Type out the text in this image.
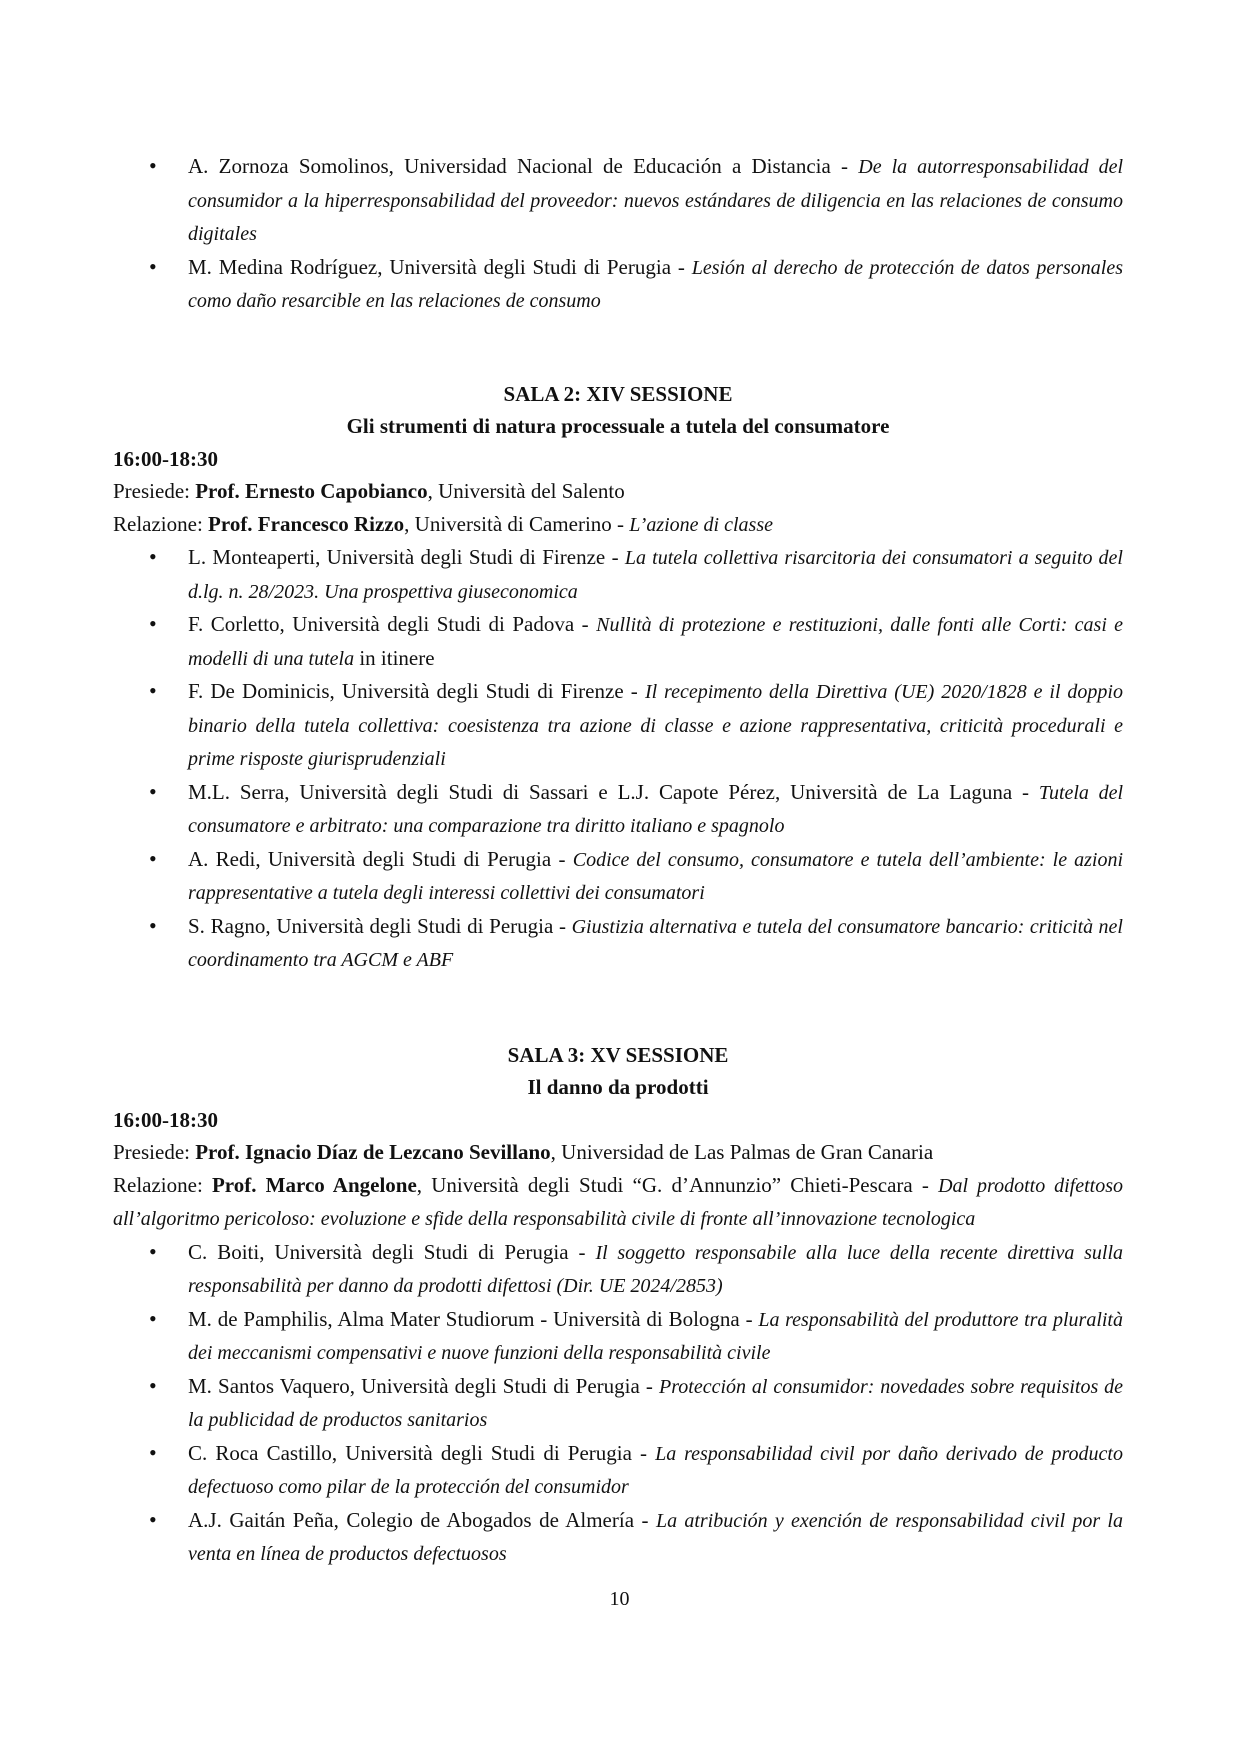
• A. Zornoza Somolinos, Universidad Nacional de Educación a Distancia - De la autorresponsabilidad del consumidor a la hiperresponsabilidad del proveedor: nuevos estándares de diligencia en las relaciones de consumo digitales
• M. Medina Rodríguez, Università degli Studi di Perugia - Lesión al derecho de protección de datos personales como daño resarcible en las relaciones de consumo
SALA 2: XIV SESSIONE
Gli strumenti di natura processuale a tutela del consumatore
16:00-18:30
Presiede: Prof. Ernesto Capobianco, Università del Salento
Relazione: Prof. Francesco Rizzo, Università di Camerino - L’azione di classe
• L. Monteaperti, Università degli Studi di Firenze - La tutela collettiva risarcitoria dei consumatori a seguito del d.lg. n. 28/2023. Una prospettiva giuseconomica
• F. Corletto, Università degli Studi di Padova - Nullità di protezione e restituzioni, dalle fonti alle Corti: casi e modelli di una tutela in itinere
• F. De Dominicis, Università degli Studi di Firenze - Il recepimento della Direttiva (UE) 2020/1828 e il doppio binario della tutela collettiva: coesistenza tra azione di classe e azione rappresentativa, criticità procedurali e prime risposte giurisprudenziali
• M.L. Serra, Università degli Studi di Sassari e L.J. Capote Pérez, Università de La Laguna - Tutela del consumatore e arbitrato: una comparazione tra diritto italiano e spagnolo
• A. Redi, Università degli Studi di Perugia - Codice del consumo, consumatore e tutela dell’ambiente: le azioni rappresentative a tutela degli interessi collettivi dei consumatori
• S. Ragno, Università degli Studi di Perugia - Giustizia alternativa e tutela del consumatore bancario: criticità nel coordinamento tra AGCM e ABF
SALA 3: XV SESSIONE
Il danno da prodotti
16:00-18:30
Presiede: Prof. Ignacio Díaz de Lezcano Sevillano, Universidad de Las Palmas de Gran Canaria
Relazione: Prof. Marco Angelone, Università degli Studi “G. d’Annunzio” Chieti-Pescara - Dal prodotto difettoso all’algoritmo pericoloso: evoluzione e sfide della responsabilità civile di fronte all’innovazione tecnologica
• C. Boiti, Università degli Studi di Perugia - Il soggetto responsabile alla luce della recente direttiva sulla responsabilità per danno da prodotti difettosi (Dir. UE 2024/2853)
• M. de Pamphilis, Alma Mater Studiorum - Università di Bologna - La responsabilità del produttore tra pluralità dei meccanismi compensativi e nuove funzioni della responsabilità civile
• M. Santos Vaquero, Università degli Studi di Perugia - Protección al consumidor: novedades sobre requisitos de la publicidad de productos sanitarios
• C. Roca Castillo, Università degli Studi di Perugia - La responsabilidad civil por daño derivado de producto defectuoso como pilar de la protección del consumidor
• A.J. Gaitán Peña, Colegio de Abogados de Almería - La atribución y exención de responsabilidad civil por la venta en línea de productos defectuosos
10
